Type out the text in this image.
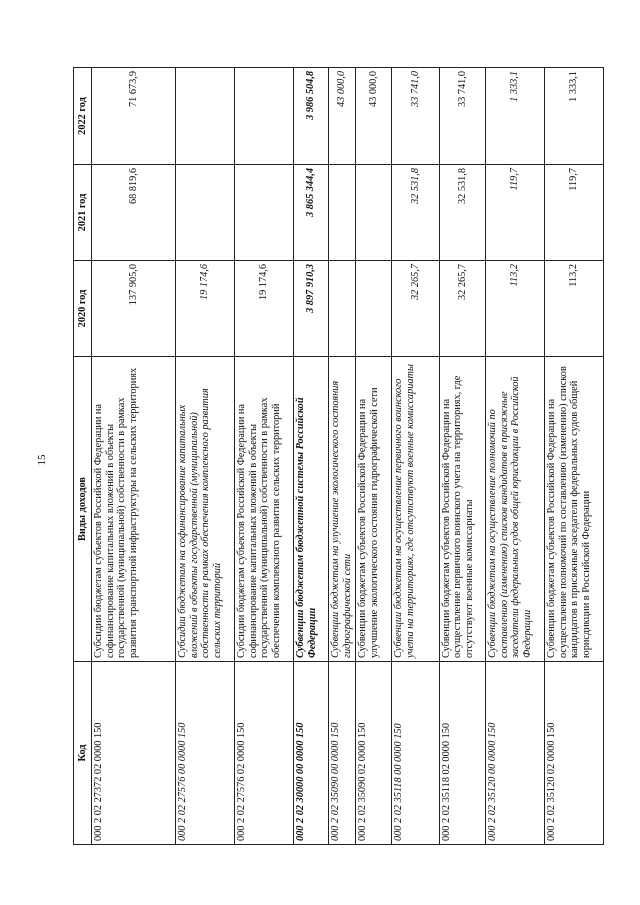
15
Код	Виды доходов	2020 год	2021 год	2022 год
000 2 02 27372 02 0000 150	Субсидии бюджетам субъектов Российской Федерации на софинансирование капитальных вложений в объекты государственной (муниципальной) собственности в рамках развития транспортной инфраструктуры на сельских территориях	137 905,0	68 819,6	71 673,9
000 2 02 27576 00 0000 150	Субсидии бюджетам на софинансирование капитальных вложений в объекты государственной (муниципальной) собственности в рамках обеспечения комплексного развития сельских территорий	19 174,6		
000 2 02 27576 02 0000 150	Субсидии бюджетам субъектов Российской Федерации на софинансирование капитальных вложений в объекты государственной (муниципальной) собственности в рамках обеспечения комплексного развития сельских территорий	19 174,6		
000 2 02 30000 00 0000 150	Субвенции бюджетам бюджетной системы Российской Федерации	3 897 910,3	3 865 344,4	3 986 504,8
000 2 02 35090 00 0000 150	Субвенции бюджетам на улучшение экологического состояния гидрографической сети			43 000,0
000 2 02 35090 02 0000 150	Субвенции бюджетам субъектов Российской Федерации на улучшение экологического состояния гидрографической сети			43 000,0
000 2 02 35118 00 0000 150	Субвенции бюджетам на осуществление первичного воинского учета на территориях, где отсутствуют военные комиссариаты	32 265,7	32 531,8	33 741,0
000 2 02 35118 02 0000 150	Субвенции бюджетам субъектов Российской Федерации на осуществление первичного воинского учета на территориях, где отсутствуют военные комиссариаты	32 265,7	32 531,8	33 741,0
000 2 02 35120 00 0000 150	Субвенции бюджетам на осуществление полномочий по составлению (изменению) списков кандидатов в присяжные заседатели федеральных судов общей юрисдикции в Российской Федерации	113,2	119,7	1 333,1
000 2 02 35120 02 0000 150	Субвенции бюджетам субъектов Российской Федерации на осуществление полномочий по составлению (изменению) списков кандидатов в присяжные заседатели федеральных судов общей юрисдикции в Российской Федерации	113,2	119,7	1 333,1
